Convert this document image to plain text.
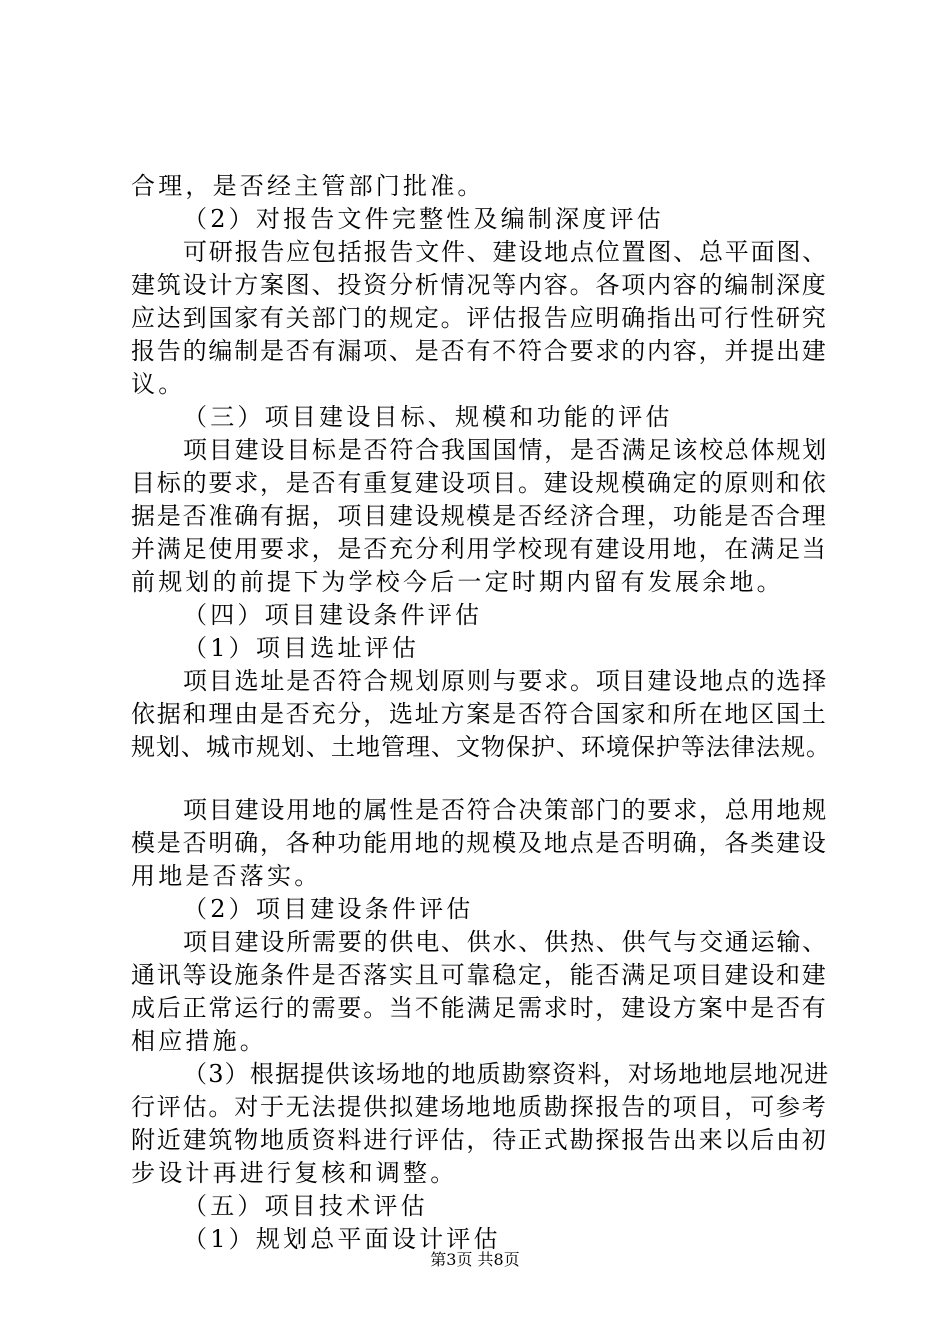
合理，是否经主管部门批准。
（2）对报告文件完整性及编制深度评估
可研报告应包括报告文件、建设地点位置图、总平面图、
建筑设计方案图、投资分析情况等内容。各项内容的编制深度
应达到国家有关部门的规定。评估报告应明确指出可行性研究
报告的编制是否有漏项、是否有不符合要求的内容，并提出建
议。
（三）项目建设目标、规模和功能的评估
项目建设目标是否符合我国国情，是否满足该校总体规划
目标的要求，是否有重复建设项目。建设规模确定的原则和依
据是否准确有据，项目建设规模是否经济合理，功能是否合理
并满足使用要求，是否充分利用学校现有建设用地，在满足当
前规划的前提下为学校今后一定时期内留有发展余地。
（四）项目建设条件评估
（1）项目选址评估
项目选址是否符合规划原则与要求。项目建设地点的选择
依据和理由是否充分，选址方案是否符合国家和所在地区国土
规划、城市规划、土地管理、文物保护、环境保护等法律法规。
项目建设用地的属性是否符合决策部门的要求，总用地规
模是否明确，各种功能用地的规模及地点是否明确，各类建设
用地是否落实。
（2）项目建设条件评估
项目建设所需要的供电、供水、供热、供气与交通运输、
通讯等设施条件是否落实且可靠稳定，能否满足项目建设和建
成后正常运行的需要。当不能满足需求时，建设方案中是否有
相应措施。
（3）根据提供该场地的地质勘察资料，对场地地层地况进
行评估。对于无法提供拟建场地地质勘探报告的项目，可参考
附近建筑物地质资料进行评估，待正式勘探报告出来以后由初
步设计再进行复核和调整。
（五）项目技术评估
（1）规划总平面设计评估
第3页 共8页
